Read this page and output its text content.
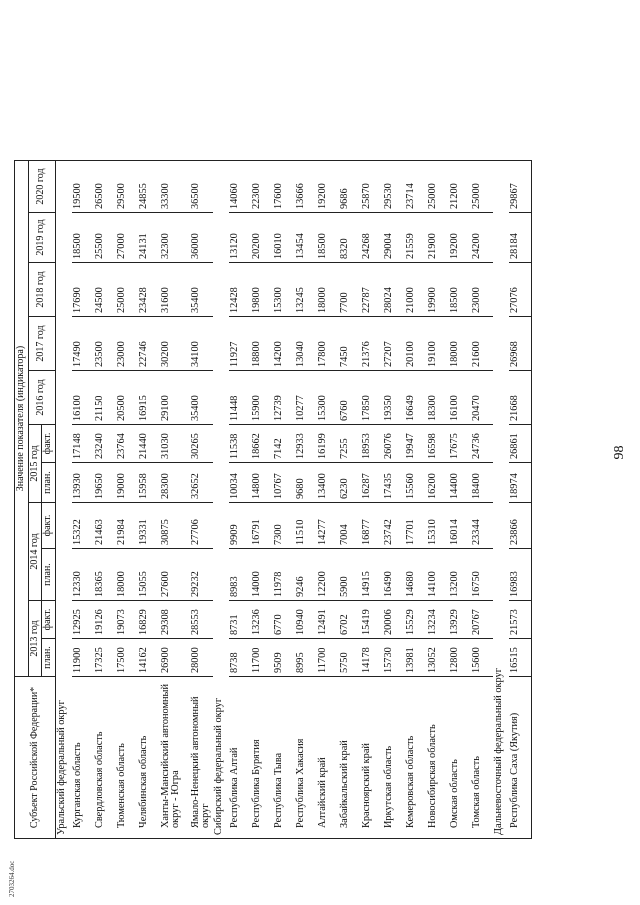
2703264.doc
Субъект Российской Федерации*	Значение показателя (индикатора)										
	2013 год		2014 год		2015 год		2016 год	2017 год	2018 год	2019 год	2020 год
	план.	факт.	план.	факт.	план.	факт.					
Уральский федеральный округ											
Курганская область	11900	12925	12330	15322	13930	17148	16100	17490	17690	18500	19500
Свердловская область	17325	19126	18365	21463	19650	23240	21150	23500	24500	25500	26500
Тюменская область	17500	19073	18000	21984	19000	23764	20500	23000	25000	27000	29500
Челябинская область	14162	16829	15055	19331	15958	21440	16915	22746	23428	24131	24855
Ханты-Мансийский автономный округ - Югра	26900	29308	27600	30875	28300	31030	29100	30200	31600	32300	33300
Ямало-Ненецкий автономный округ	28000	28553	29232	27706	32652	30265	35400	34100	35400	36000	36500
Сибирский федеральный округ											
Республика Алтай	8738	8731	8983	9909	10034	11538	11448	11927	12428	13120	14060
Республика Бурятия	11700	13236	14000	16791	14800	18662	15900	18800	19800	20200	22300
Республика Тыва	9509	6770	11978	7300	10767	7142	12739	14200	15300	16010	17600
Республика Хакасия	8995	10940	9246	11510	9680	12933	10277	13040	13245	13454	13666
Алтайский край	11700	12491	12200	14277	13400	16199	15300	17800	18000	18500	19200
Забайкальский край	5750	6702	5900	7004	6230	7255	6760	7450	7700	8320	9686
Красноярский край	14178	15419	14915	16877	16287	18953	17850	21376	22787	24268	25870
Иркутская область	15730	20006	16490	23742	17435	26076	19350	27207	28024	29004	29530
Кемеровская область	13981	15529	14680	17701	15560	19947	16649	20100	21000	21559	23714
Новосибирская область	13052	13234	14100	15310	16200	16598	18300	19100	19900	21900	25000
Омская область	12800	13929	13200	16014	14400	17675	16100	18000	18500	19200	21200
Томская область	15600	20767	16750	23344	18400	24736	20470	21600	23000	24200	25000
Дальневосточный федеральный округ											
Республика Саха (Якутия)	16515	21573	16983	23866	18974	26861	21668	26968	27076	28184	29867
98
